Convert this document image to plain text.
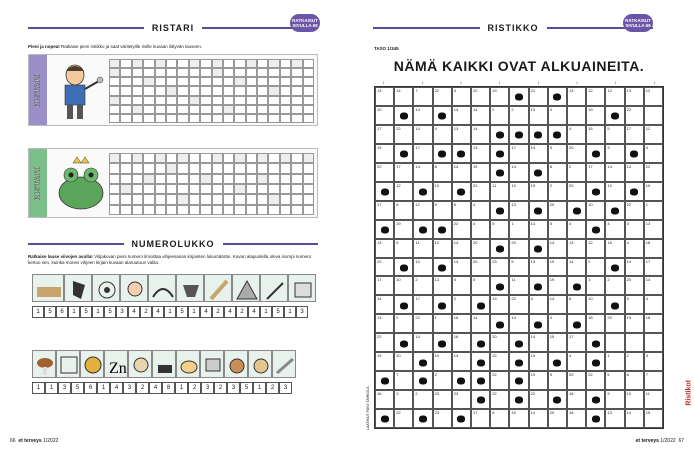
RISTARI
RATKAISUT
SIVULLA 69
Pieni ja nopea! Ratkaise pieni ristikko ja saat väritetyille riville kuvaan liittyvän lauseen.
RISTARI
RISTARI
NUMEROLUKKO
Ratkaise lause viivojen avulla! Viitjakuvan pieni numero ilmoittaa vihjeesanan kirjainten lukumäärän. Kuvan alapuolella oleva isompi numero kertoo sen, kuinka mones vihjeen kirjain kuvaan alaruutuun valita.
1	5	6	1	5	1	5	3	4	2	4	1	5	1	4	2	4	2	4	1	5	1	3
Zn
1	1	3	5	6	1	4	3	2	4	8	1	2	3	2	3	5	1	2	3
66 et terveys 1/2022
RISTIKKO
RATKAISUT
SIVULLA 69
TASO 1/345
NÄMÄ KAIKKI OVAT ALKUAINEITA.
↓	↓	↓	↓	↓	↓	↓	↓
13	14	7	22	3	22	19	21	13	12	12	13	12
10	14	14	14	2	2	10	4	19	22
17	22	14	4	13	14	4	15	5	17	12
19	17	13	17	14	5	20	3	4
22	17	14	8	14	19	14	8	2	17	14	14	22
12	10	22	11	10	19	2	20	10	10
17	6	12	9	6	4	13	20	10	22	1
19	22	4	5	1	14	5	4	4	3	13
13	5	11	12	14	20	20	14	13	12	16	4	18
22	10	14	20	23	5	13	19	14	2	14	17
17	10	2	13	4	5	11	19	1	2	20	14
14	17	2	13	22	3	14	8	10	5	4
13	2	22	1	16	14	14	4	18	20	19	18
22	14	16	20	14	15	17
19	10	10	14	22	15	4	1	2	3
7	2	22	19	5	20	22	5	6	7
16	3	2	23	23	22	22	18	9	10	11
22	23	17	6	15	14	20	18	13	14	15
LAATINUT PÄIVI TAHKOLA	Ristikot
et terveys 1/2022 67
